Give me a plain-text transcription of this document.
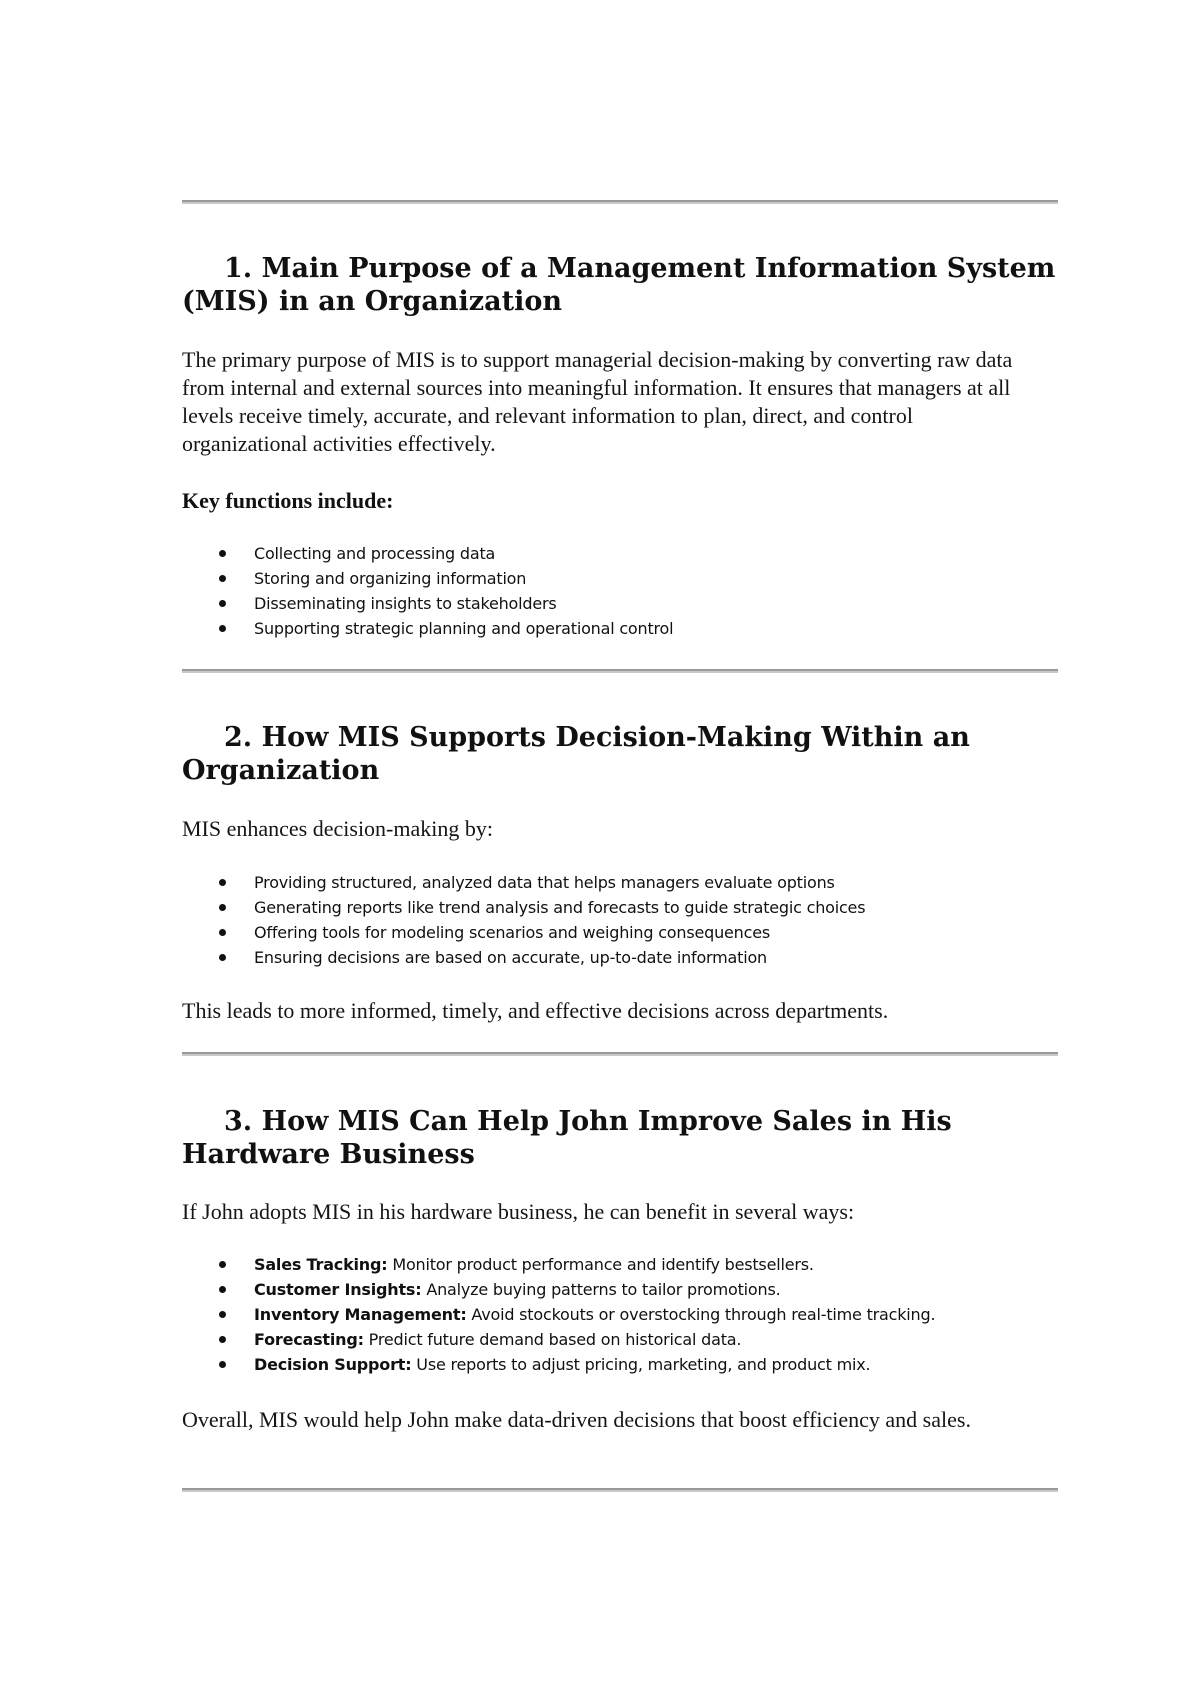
1. Main Purpose of a Management Information System (MIS) in an Organization

The primary purpose of MIS is to support managerial decision-making by converting raw data from internal and external sources into meaningful information. It ensures that managers at all levels receive timely, accurate, and relevant information to plan, direct, and control organizational activities effectively.

Key functions include:

Collecting and processing data
Storing and organizing information
Disseminating insights to stakeholders
Supporting strategic planning and operational control
2. How MIS Supports Decision-Making Within an Organization

MIS enhances decision-making by:

Providing structured, analyzed data that helps managers evaluate options
Generating reports like trend analysis and forecasts to guide strategic choices
Offering tools for modeling scenarios and weighing consequences
Ensuring decisions are based on accurate, up-to-date information

This leads to more informed, timely, and effective decisions across departments.

3. How MIS Can Help John Improve Sales in His Hardware Business

If John adopts MIS in his hardware business, he can benefit in several ways:

Sales Tracking: Monitor product performance and identify bestsellers.
Customer Insights: Analyze buying patterns to tailor promotions.
Inventory Management: Avoid stockouts or overstocking through real-time tracking.
Forecasting: Predict future demand based on historical data.
Decision Support: Use reports to adjust pricing, marketing, and product mix.

Overall, MIS would help John make data-driven decisions that boost efficiency and sales.
